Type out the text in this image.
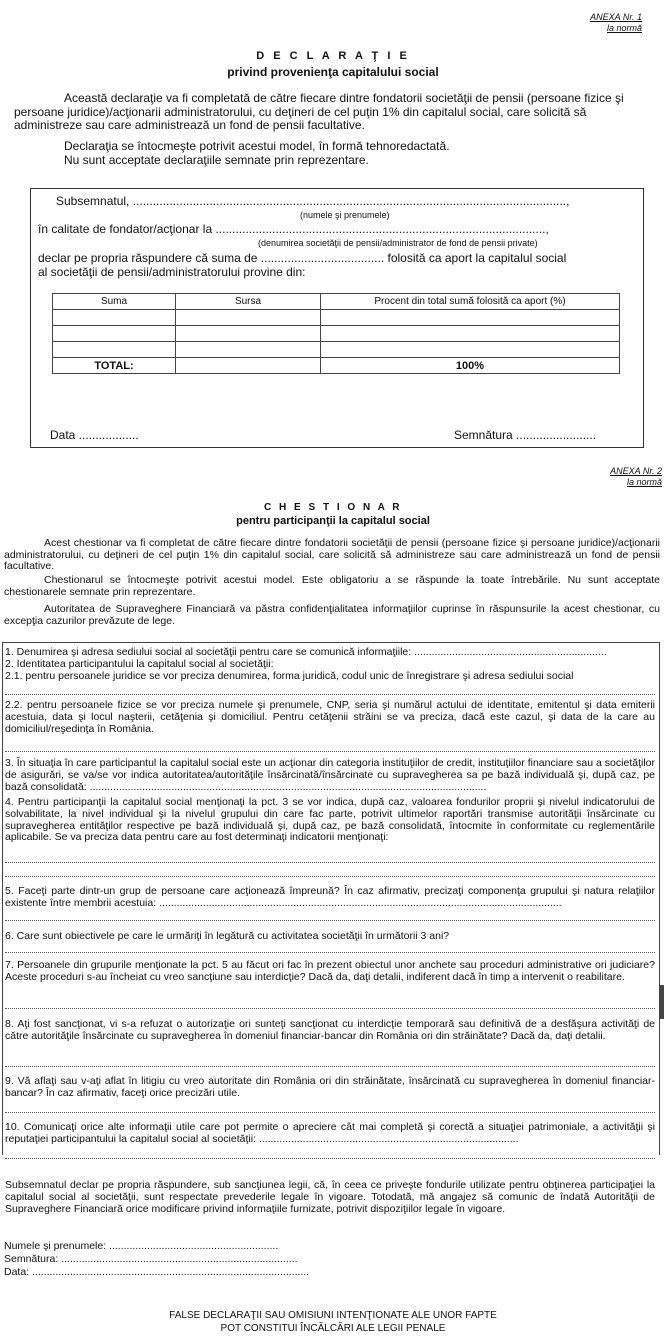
ANEXA Nr. 1
la normă
D E C L A R A Ţ I E
privind provenienţa capitalului social
Această declaraţie va fi completată de către fiecare dintre fondatorii societăţii de pensii (persoane fizice şi persoane juridice)/acţionarii administratorului, cu deţineri de cel puţin 1% din capitalul social, care solicită să administreze sau care administrează un fond de pensii facultative.
Declaraţia se întocmeşte potrivit acestui model, în formă tehnoredactată.
Nu sunt acceptate declaraţiile semnate prin reprezentare.
Subsemnatul, ..................................................................................................................................,
(numele şi prenumele)
în calitate de fondator/acţionar la ...................................................................................................,
(denumirea societăţii de pensii/administrator de fond de pensii private)
declar pe propria răspundere că suma de ..................................... folosită ca aport la capitalul social
al societăţii de pensii/administratorului provine din:
Suma	Sursa	Procent din total sumă folosită ca aport (%)

TOTAL:		100%
Data ..................	Semnătura ........................
ANEXA Nr. 2
la normă
C H E S T I O N A R
pentru participanţii la capitalul social
Acest chestionar va fi completat de către fiecare dintre fondatorii societăţii de pensii (persoane fizice şi persoane juridice)/acţionarii administratorului, cu deţineri de cel puţin 1% din capitalul social, care solicită să administreze sau care administrează un fond de pensii facultative.
Chestionarul se întocmeşte potrivit acestui model. Este obligatoriu a se răspunde la toate întrebările. Nu sunt acceptate chestionarele semnate prin reprezentare.
Autoritatea de Supraveghere Financiară va păstra confidenţialitatea informaţiilor cuprinse în răspunsurile la acest chestionar, cu excepţia cazurilor prevăzute de lege.
1. Denumirea şi adresa sediului social al societăţii pentru care se comunică informaţiile: ..................................................................
2. Identitatea participantului la capitalul social al societăţii:
2.1. pentru persoanele juridice se vor preciza denumirea, forma juridică, codul unic de înregistrare şi adresa sediului social
2.2. pentru persoanele fizice se vor preciza numele şi prenumele, CNP, seria şi numărul actului de identitate, emitentul şi data emiterii acestuia, data şi locul naşterii, cetăţenia şi domiciliul. Pentru cetăţenii străini se va preciza, dacă este cazul, şi data de la care au domiciliul/reşedinţa în România.
3. În situaţia în care participantul la capitalul social este un acţionar din categoria instituţiilor de credit, instituţiilor financiare sau a societăţilor de asigurări, se va/se vor indica autoritatea/autorităţile însărcinată/însărcinate cu supravegherea sa pe bază individuală şi, după caz, pe bază consolidată: ........................................................................................................................................
4. Pentru participanţii la capitalul social menţionaţi la pct. 3 se vor indica, după caz, valoarea fondurilor proprii şi nivelul indicatorului de solvabilitate, la nivel individual şi la nivelul grupului din care fac parte, potrivit ultimelor raportări transmise autorităţii însărcinate cu supravegherea entităţilor respective pe bază individuală şi, după caz, pe bază consolidată, întocmite în conformitate cu reglementările aplicabile. Se va preciza data pentru care au fost determinaţi indicatorii menţionaţi:
5. Faceţi parte dintr-un grup de persoane care acţionează împreună? În caz afirmativ, precizaţi componenţa grupului şi natura relaţiilor existente între membrii acestuia: ..........................................................................................................................................
6. Care sunt obiectivele pe care le urmăriţi în legătură cu activitatea societăţii în următorii 3 ani?
7. Persoanele din grupurile menţionate la pct. 5 au făcut ori fac în prezent obiectul unor anchete sau proceduri administrative ori judiciare? Aceste proceduri s-au încheiat cu vreo sancţiune sau interdicţie? Dacă da, daţi detalii, indiferent dacă în timp a intervenit o reabilitare.
8. Aţi fost sancţionat, vi s-a refuzat o autorizaţie ori sunteţi sancţionat cu interdicţie temporară sau definitivă de a desfăşura activităţi de către autorităţile însărcinate cu supravegherea în domeniul financiar-bancar din România ori din străinătate? Dacă da, daţi detalii.
9. Vă aflaţi sau v-aţi aflat în litigiu cu vreo autoritate din România ori din străinătate, însărcinată cu supravegherea în domeniul financiar-bancar? În caz afirmativ, faceţi orice precizări utile.
10. Comunicaţi orice alte informaţii utile care pot permite o apreciere cât mai completă şi corectă a situaţiei patrimoniale, a activităţii şi reputaţiei participantului la capitalul social al societăţii: .........................................................................................
Subsemnatul declar pe propria răspundere, sub sancţiunea legii, că, în ceea ce priveşte fondurile utilizate pentru obţinerea participaţiei la capitalul social al societăţii, sunt respectate prevederile legale în vigoare. Totodată, mă angajez să comunic de îndată Autorităţii de Supraveghere Financiară orice modificare privind informaţiile furnizate, potrivit dispoziţiilor legale în vigoare.
Numele şi prenumele: ..........................................................
Semnătura: .................................................................................
Data: ...............................................................................................
FALSE DECLARAŢII SAU OMISIUNI INTENŢIONATE ALE UNOR FAPTE
POT CONSTITUI ÎNCĂLCĂRI ALE LEGII PENALE
